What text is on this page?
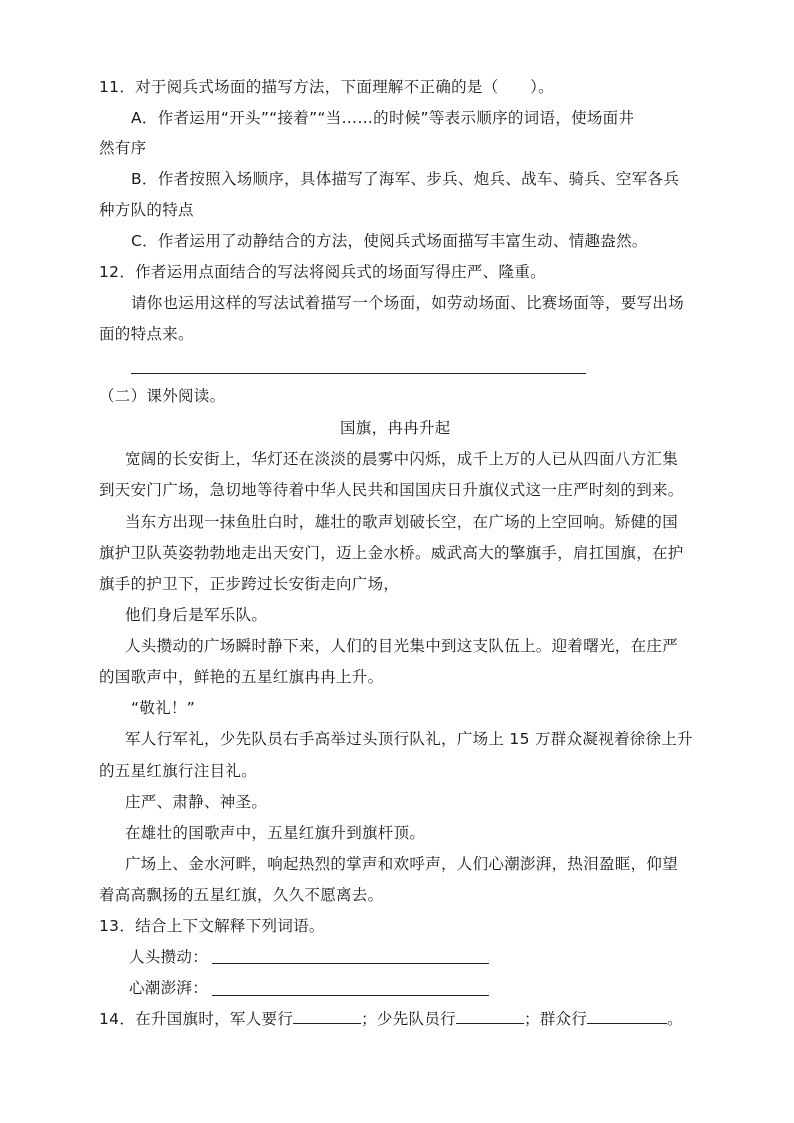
11．对于阅兵式场面的描写方法，下面理解不正确的是（　　）。
A．作者运用“开头”“接着”“当……的时候”等表示顺序的词语，使场面井
然有序
B．作者按照入场顺序，具体描写了海军、步兵、炮兵、战车、骑兵、空军各兵
种方队的特点
C．作者运用了动静结合的方法，使阅兵式场面描写丰富生动、情趣盎然。
12．作者运用点面结合的写法将阅兵式的场面写得庄严、隆重。
请你也运用这样的写法试着描写一个场面，如劳动场面、比赛场面等，要写出场
面的特点来。
（二）课外阅读。
国旗，冉冉升起
宽阔的长安街上，华灯还在淡淡的晨雾中闪烁，成千上万的人已从四面八方汇集
到天安门广场，急切地等待着中华人民共和国国庆日升旗仪式这一庄严时刻的到来。
当东方出现一抹鱼肚白时，雄壮的歌声划破长空，在广场的上空回响。矫健的国
旗护卫队英姿勃勃地走出天安门，迈上金水桥。威武高大的擎旗手，肩扛国旗，在护
旗手的护卫下，正步跨过长安街走向广场，
他们身后是军乐队。
人头攒动的广场瞬时静下来，人们的目光集中到这支队伍上。迎着曙光，在庄严
的国歌声中，鲜艳的五星红旗冉冉上升。
“敬礼！”
军人行军礼，少先队员右手高举过头顶行队礼，广场上 15 万群众凝视着徐徐上升
的五星红旗行注目礼。
庄严、肃静、神圣。
在雄壮的国歌声中，五星红旗升到旗杆顶。
广场上、金水河畔，响起热烈的掌声和欢呼声，人们心潮澎湃，热泪盈眶，仰望
着高高飘扬的五星红旗，久久不愿离去。
13．结合上下文解释下列词语。
人头攒动：
心潮澎湃：
14．在升国旗时，军人要行	；少先队员行	；群众行	。
